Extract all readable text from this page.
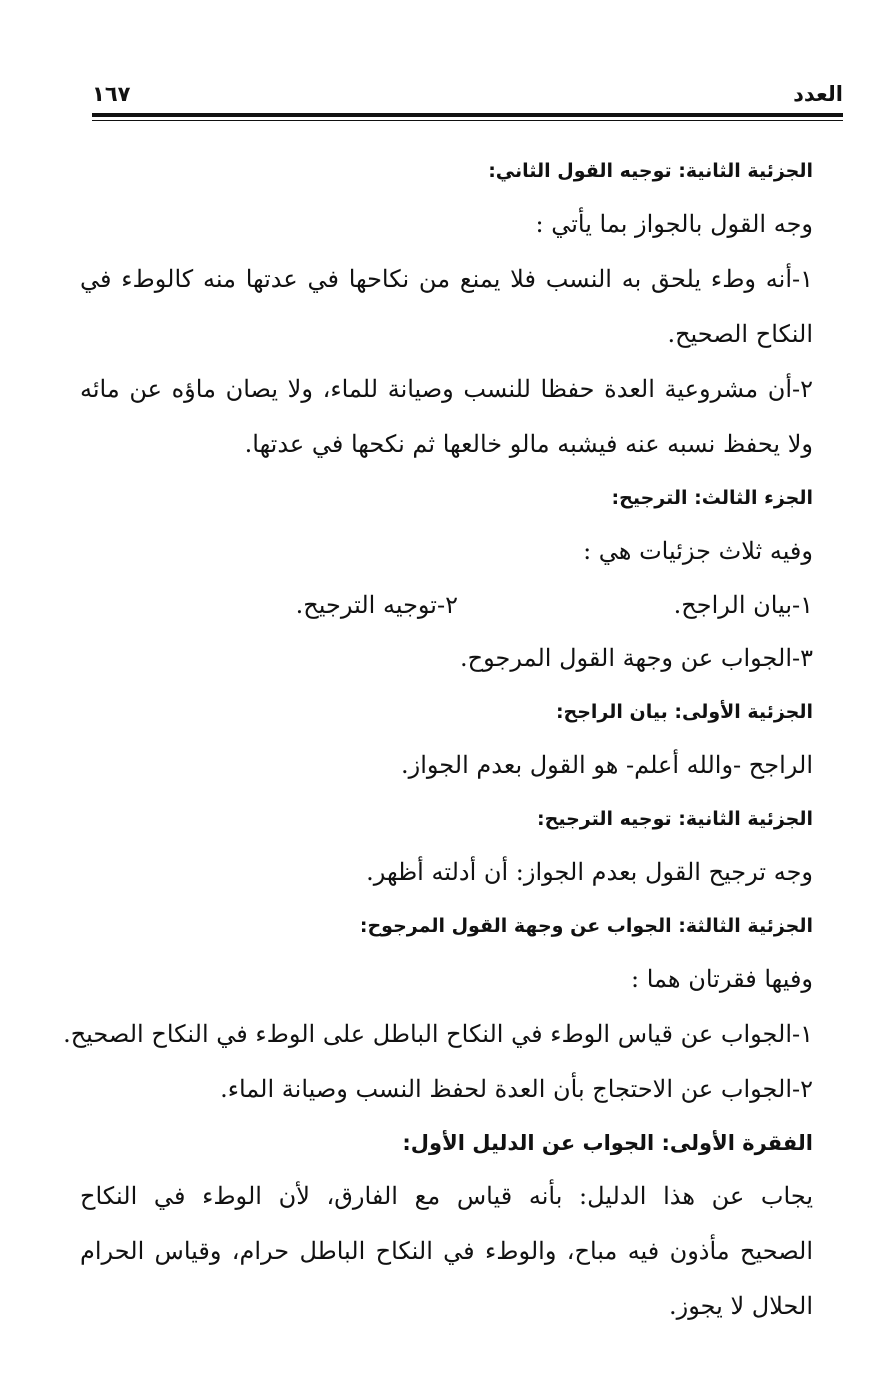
العدد
١٦٧
الجزئية الثانية: توجيه القول الثاني:
وجه القول بالجواز بما يأتي :
١-أنه وطء يلحق به النسب فلا يمنع من نكاحها في عدتها منه كالوطء في
النكاح الصحيح.
٢-أن مشروعية العدة حفظا للنسب وصيانة للماء، ولا يصان ماؤه عن مائه
ولا يحفظ نسبه عنه فيشبه مالو خالعها ثم نكحها في عدتها.
الجزء الثالث: الترجيح:
وفيه ثلاث جزئيات هي :
١-بيان الراجح.
٢-توجيه الترجيح.
٣-الجواب عن وجهة القول المرجوح.
الجزئية الأولى: بيان الراجح:
الراجح -والله أعلم- هو القول بعدم الجواز.
الجزئية الثانية: توجيه الترجيح:
وجه ترجيح القول بعدم الجواز: أن أدلته أظهر.
الجزئية الثالثة: الجواب عن وجهة القول المرجوح:
وفيها فقرتان هما :
١-الجواب عن قياس الوطء في النكاح الباطل على الوطء في النكاح الصحيح.
٢-الجواب عن الاحتجاج بأن العدة لحفظ النسب وصيانة الماء.
الفقرة الأولى: الجواب عن الدليل الأول:
يجاب عن هذا الدليل: بأنه قياس مع الفارق، لأن الوطء في النكاح
الصحيح مأذون فيه مباح، والوطء في النكاح الباطل حرام، وقياس الحرام
الحلال لا يجوز.
